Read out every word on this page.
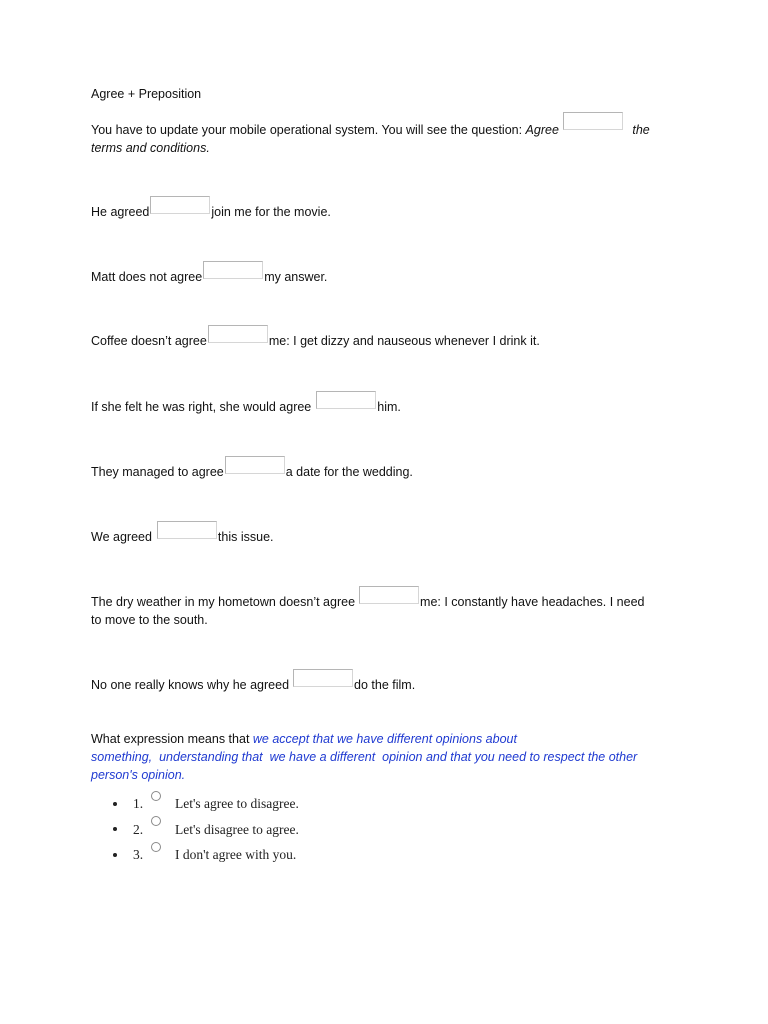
Agree + Preposition

You have to update your mobile operational system. You will see the question: Agree	the

terms and conditions.

He agreed	join me for the movie.

Matt does not agree	my answer.

Coffee doesn’t agree	me: I get dizzy and nauseous whenever I drink it.

If she felt he was right, she would agree	him.

They managed to agree	a date for the wedding.

We agreed	this issue.

The dry weather in my hometown doesn’t agree	me: I constantly have headaches. I need

to move to the south.

No one really knows why he agreed	do the film.

What expression means that we accept that we have different opinions about

something,  understanding that  we have a different  opinion and that you need to respect the other

person's opinion.

1. Let's agree to disagree.
2. Let's disagree to agree.
3. I don't agree with you.
